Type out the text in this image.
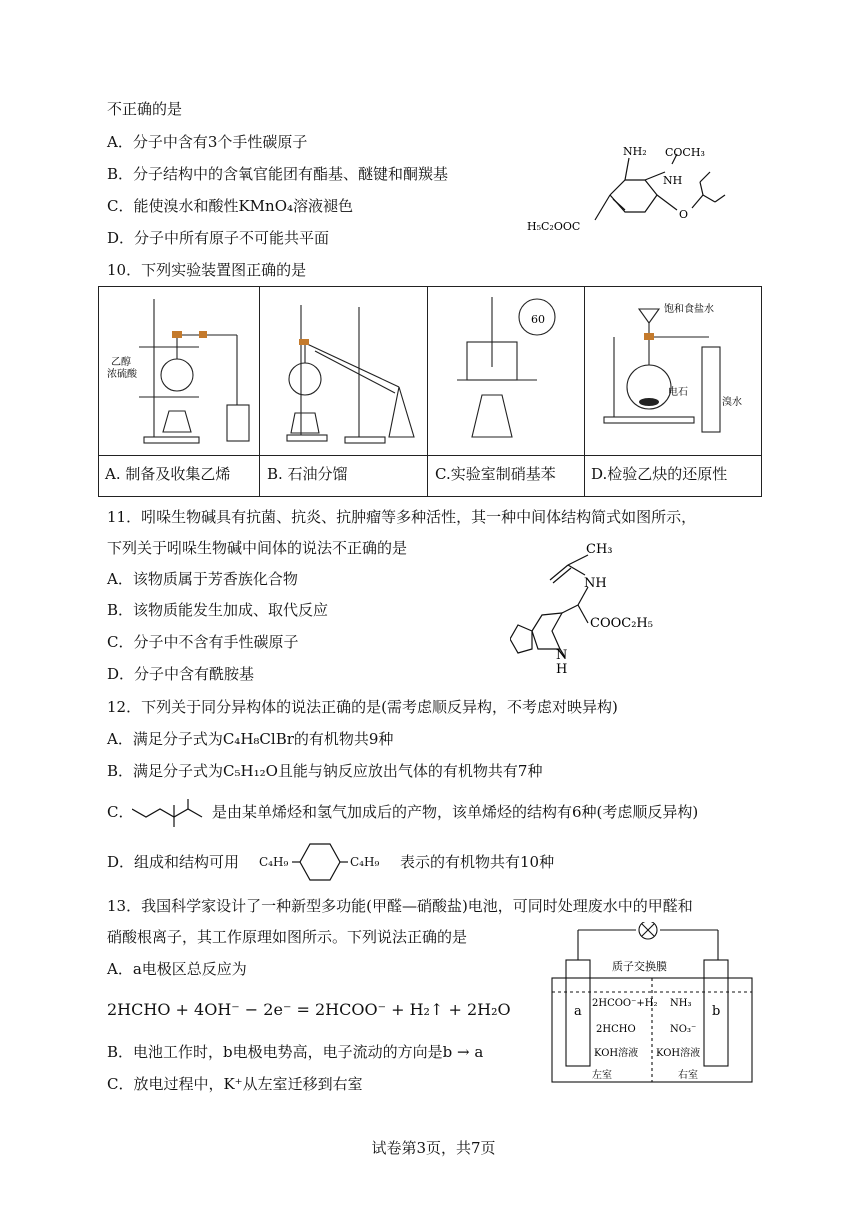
不正确的是
A．分子中含有3个手性碳原子
B．分子结构中的含氧官能团有酯基、醚键和酮羰基
C．能使溴水和酸性KMnO₄溶液褪色
D．分子中所有原子不可能共平面
NH₂ COCH₃
NH
O
H₅C₂OOC
10．下列实验装置图正确的是
A. 制备及收集乙烯 B. 石油分馏	C.实验室制硝基苯 D.检验乙炔的还原性
乙醇
浓硫酸
60
饱和食盐水
电石
溴水
11．吲哚生物碱具有抗菌、抗炎、抗肿瘤等多种活性，其一种中间体结构简式如图所示，
下列关于吲哚生物碱中间体的说法不正确的是
A．该物质属于芳香族化合物
B．该物质能发生加成、取代反应
C．分子中不含有手性碳原子
D．分子中含有酰胺基
CH₃
NH
COOC₂H₅
N
H
12．下列关于同分异构体的说法正确的是(需考虑顺反异构，不考虑对映异构)
A．满足分子式为C₄H₈ClBr的有机物共9种
B．满足分子式为C₅H₁₂O且能与钠反应放出气体的有机物共有7种
C．	是由某单烯烃和氢气加成后的产物，该单烯烃的结构有6种(考虑顺反异构)
D．组成和结构可用 C₄H₉	C₄H₉ 表示的有机物共有10种
13．我国科学家设计了一种新型多功能(甲醛—硝酸盐)电池，可同时处理废水中的甲醛和
硝酸根离子，其工作原理如图所示。下列说法正确的是
A．a电极区总反应为
2HCHO + 4OH⁻ − 2e⁻ = 2HCOO⁻ + H₂↑ + 2H₂O
B．电池工作时，b电极电势高，电子流动的方向是b → a
C．放电过程中，K⁺从左室迁移到右室
质子交换膜
a	b
2HCOO⁻+H₂
2HCHO
NH₃
NO₃⁻
KOH溶液 KOH溶液
左室	右室
试卷第3页，共7页
